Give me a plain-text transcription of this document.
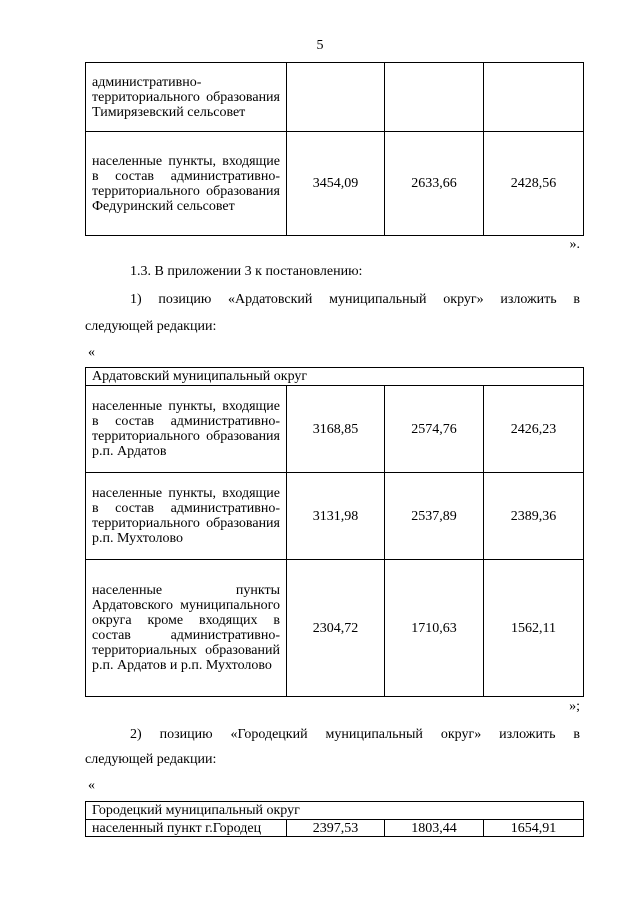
5
административно-территориального образования Тимирязевский сельсовет			
населенные пункты, входящие в состав административно-территориального образования Федуринский сельсовет	3454,09	2633,66	2428,56
».
1.3. В приложении 3 к постановлению:
1) позицию «Ардатовский муниципальный округ» изложить в
следующей редакции:
«
Ардатовский муниципальный округ			
населенные пункты, входящие в состав административно-территориального образования р.п. Ардатов	3168,85	2574,76	2426,23
населенные пункты, входящие в состав административно-территориального образования р.п. Мухтолово	3131,98	2537,89	2389,36
населенные пункты Ардатовского муниципального округа кроме входящих в состав административно-территориальных образований р.п. Ардатов и р.п. Мухтолово	2304,72	1710,63	1562,11
»;
2) позицию «Городецкий муниципальный округ» изложить в
следующей редакции:
«
Городецкий муниципальный округ
населенный пункт г.Городец	2397,53	1803,44	1654,91
